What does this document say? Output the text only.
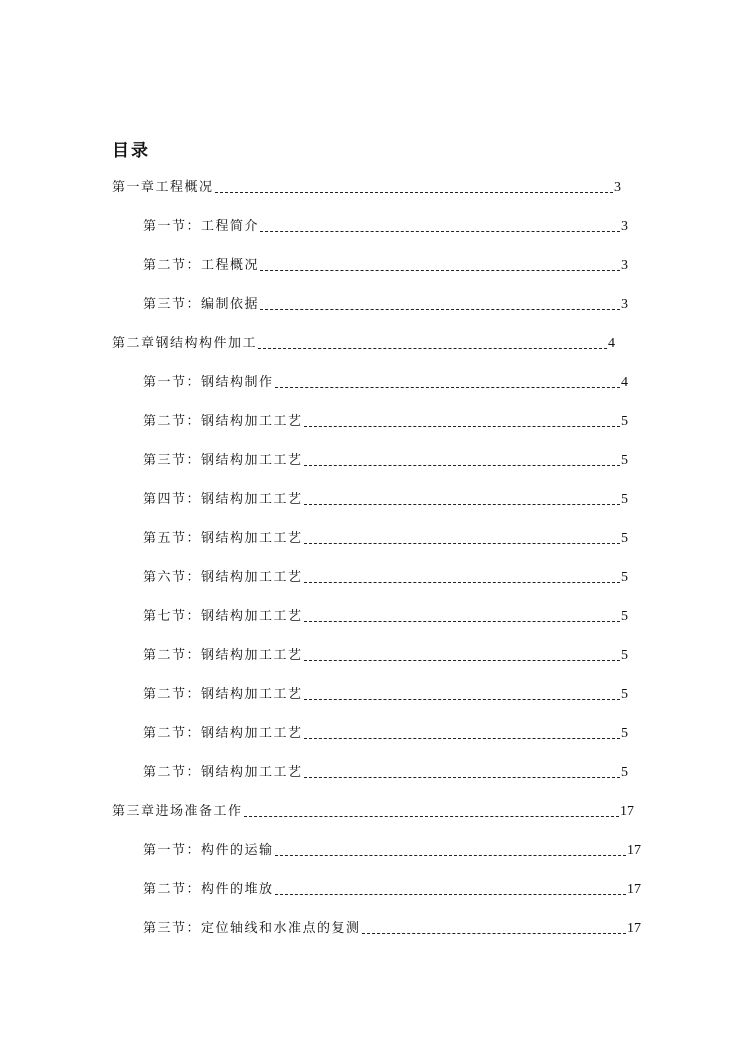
目录
第一章工程概况	3
第一节：工程简介	3
第二节：工程概况	3
第三节：编制依据	3
第二章钢结构构件加工	4
第一节：钢结构制作	4
第二节：钢结构加工工艺	5
第三节：钢结构加工工艺	5
第四节：钢结构加工工艺	5
第五节：钢结构加工工艺	5
第六节：钢结构加工工艺	5
第七节：钢结构加工工艺	5
第二节：钢结构加工工艺	5
第二节：钢结构加工工艺	5
第二节：钢结构加工工艺	5
第二节：钢结构加工工艺	5
第三章进场准备工作	17
第一节：构件的运输	17
第二节：构件的堆放	17
第三节：定位轴线和水准点的复测	17
